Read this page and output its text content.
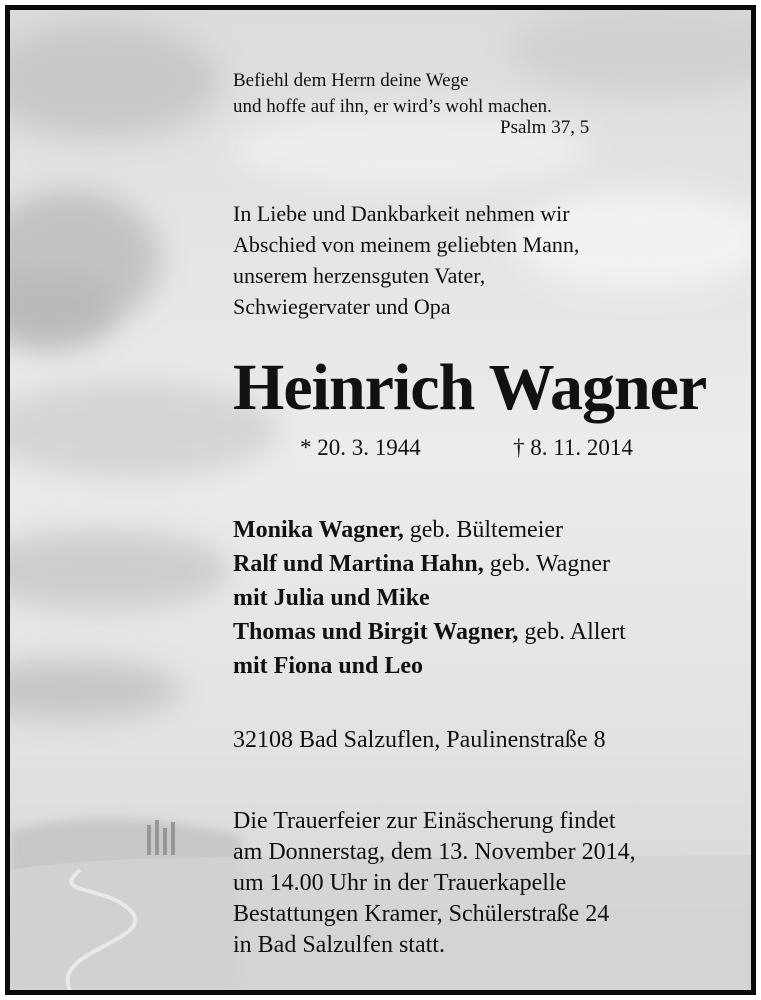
Befiehl dem Herrn deine Wege
und hoffe auf ihn, er wird’s wohl machen.
Psalm 37, 5
In Liebe und Dankbarkeit nehmen wir
Abschied von meinem geliebten Mann,
unserem herzensguten Vater,
Schwiegervater und Opa
Heinrich Wagner
* 20. 3. 1944	† 8. 11. 2014
Monika Wagner, geb. Bültemeier
Ralf und Martina Hahn, geb. Wagner
mit Julia und Mike
Thomas und Birgit Wagner, geb. Allert
mit Fiona und Leo
32108 Bad Salzuflen, Paulinenstraße 8
Die Trauerfeier zur Einäscherung findet
am Donnerstag, dem 13. November 2014,
um 14.00 Uhr in der Trauerkapelle
Bestattungen Kramer, Schülerstraße 24
in Bad Salzulfen statt.
